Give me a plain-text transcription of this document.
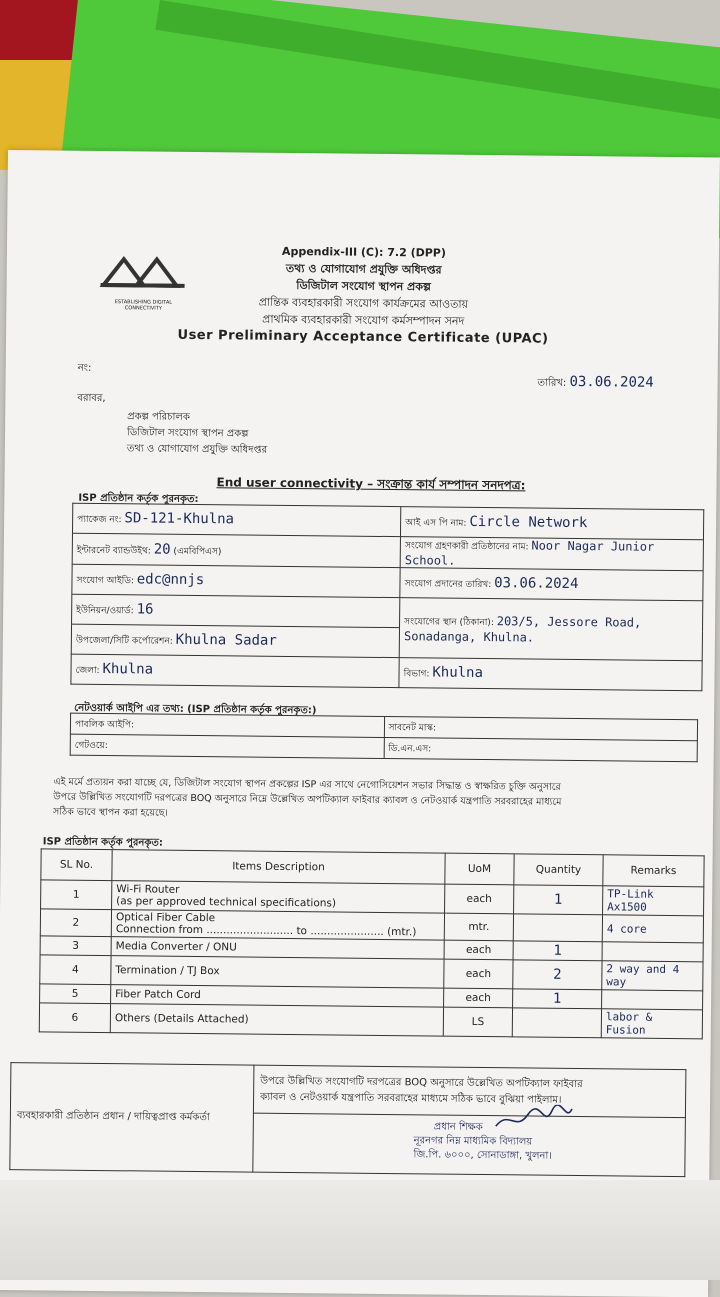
ESTABLISHING DIGITAL CONNECTIVITY
Appendix-III (C): 7.2 (DPP)
তথ্য ও যোগাযোগ প্রযুক্তি অধিদপ্তর
ডিজিটাল সংযোগ স্থাপন প্রকল্প
প্রান্তিক ব্যবহারকারী সংযোগ কার্যক্রমের আওতায়
প্রাথমিক ব্যবহারকারী সংযোগ কর্মসম্পাদন সনদ
User Preliminary Acceptance Certificate (UPAC)
নং:
তারিখ: 03.06.2024
বরাবর,
প্রকল্প পরিচালক
ডিজিটাল সংযোগ স্থাপন প্রকল্প
তথ্য ও যোগাযোগ প্রযুক্তি অধিদপ্তর
End user connectivity – সংক্রান্ত কার্য সম্পাদন সনদপত্র:
ISP প্রতিষ্ঠান কর্তৃক পুরনকৃত:
প্যাকেজ নং: SD-121-Khulna	আই এস পি নাম: Circle Network
ইন্টারনেট ব্যান্ডউইথ: 20 (এমবিপিএস)	সংযোগ গ্রহণকারী প্রতিষ্ঠানের নাম: Noor Nagar Junior
School.
সংযোগ আইডি: edc@nnjs	সংযোগ প্রদানের তারিখ: 03.06.2024
ইউনিয়ন/ওয়ার্ড: 16	সংযোগের স্থান (ঠিকানা): 203/5, Jessore Road,
Sonadanga, Khulna.
উপজেলা/সিটি কর্পোরেশন: Khulna Sadar	
জেলা: Khulna	বিভাগ: Khulna
নেটওয়ার্ক আইপি এর তথ্য: (ISP প্রতিষ্ঠান কর্তৃক পুরনকৃত:)
পাবলিক আইপি:	সাবনেট মাস্ক:
গেটওয়ে:	ডি.এন.এস:
এই মর্মে প্রত্যয়ন করা যাচ্ছে যে, ডিজিটাল সংযোগ স্থাপন প্রকল্পের ISP এর সাথে নেগোসিয়েশন সভার সিদ্ধান্ত ও স্বাক্ষরিত চুক্তি অনুসারে
উপরে উল্লিখিত সংযোগটি দরপত্রের BOQ অনুসারে নিম্নে উল্লেখিত অপটিক্যাল ফাইবার ক্যাবল ও নেটওয়ার্ক যন্ত্রপাতি সরবরাহের মাধ্যমে
সঠিক ভাবে স্থাপন করা হয়েছে।
ISP প্রতিষ্ঠান কর্তৃক পুরনকৃত:
SL No.	Items Description	UoM	Quantity	Remarks
1	Wi-Fi Router
(as per approved technical specifications)	each	1	TP-Link Ax1500
2	Optical Fiber Cable
Connection from .......................... to ...................... (mtr.)	mtr.		4 core
3	Media Converter / ONU	each	1	
4	Termination / TJ Box	each	2	2 way and 4 way
5	Fiber Patch Cord	each	1	
6	Others (Details Attached)	LS		labor & Fusion
ব্যবহারকারী প্রতিষ্ঠান প্রধান / দায়িত্বপ্রাপ্ত কর্মকর্তা	
উপরে উল্লিখিত সংযোগটি দরপত্রের BOQ অনুসারে উল্লেখিত অপটিক্যাল ফাইবার
ক্যাবল ও নেটওয়ার্ক যন্ত্রপাতি সরবরাহের মাধ্যমে সঠিক ভাবে বুঝিয়া পাইলাম।

প্রধান শিক্ষক
নূরনগর নিম্ন মাধ্যমিক বিদ্যালয়
জি.পি. ৬০০০, সোনাডাঙ্গা, খুলনা।
